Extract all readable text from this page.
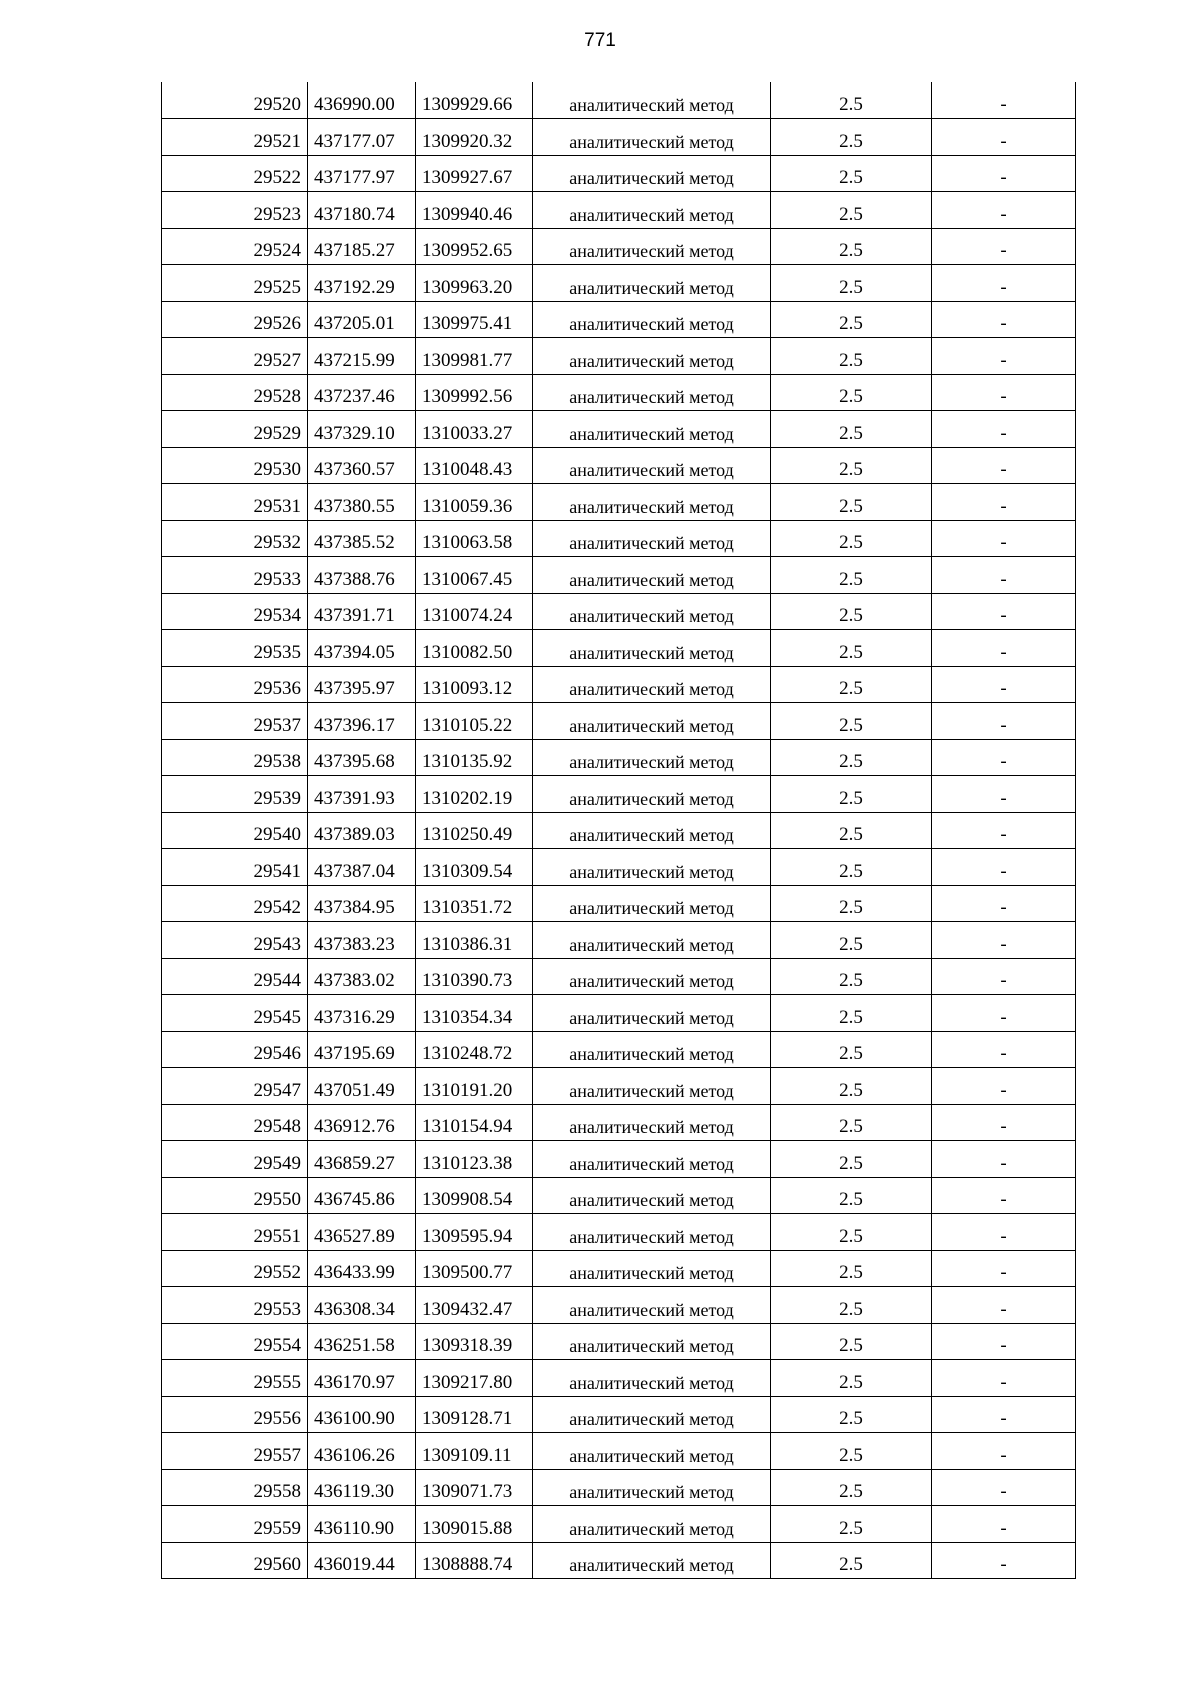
771
29520	436990.00	1309929.66	аналитический метод	2.5	-
29521	437177.07	1309920.32	аналитический метод	2.5	-
29522	437177.97	1309927.67	аналитический метод	2.5	-
29523	437180.74	1309940.46	аналитический метод	2.5	-
29524	437185.27	1309952.65	аналитический метод	2.5	-
29525	437192.29	1309963.20	аналитический метод	2.5	-
29526	437205.01	1309975.41	аналитический метод	2.5	-
29527	437215.99	1309981.77	аналитический метод	2.5	-
29528	437237.46	1309992.56	аналитический метод	2.5	-
29529	437329.10	1310033.27	аналитический метод	2.5	-
29530	437360.57	1310048.43	аналитический метод	2.5	-
29531	437380.55	1310059.36	аналитический метод	2.5	-
29532	437385.52	1310063.58	аналитический метод	2.5	-
29533	437388.76	1310067.45	аналитический метод	2.5	-
29534	437391.71	1310074.24	аналитический метод	2.5	-
29535	437394.05	1310082.50	аналитический метод	2.5	-
29536	437395.97	1310093.12	аналитический метод	2.5	-
29537	437396.17	1310105.22	аналитический метод	2.5	-
29538	437395.68	1310135.92	аналитический метод	2.5	-
29539	437391.93	1310202.19	аналитический метод	2.5	-
29540	437389.03	1310250.49	аналитический метод	2.5	-
29541	437387.04	1310309.54	аналитический метод	2.5	-
29542	437384.95	1310351.72	аналитический метод	2.5	-
29543	437383.23	1310386.31	аналитический метод	2.5	-
29544	437383.02	1310390.73	аналитический метод	2.5	-
29545	437316.29	1310354.34	аналитический метод	2.5	-
29546	437195.69	1310248.72	аналитический метод	2.5	-
29547	437051.49	1310191.20	аналитический метод	2.5	-
29548	436912.76	1310154.94	аналитический метод	2.5	-
29549	436859.27	1310123.38	аналитический метод	2.5	-
29550	436745.86	1309908.54	аналитический метод	2.5	-
29551	436527.89	1309595.94	аналитический метод	2.5	-
29552	436433.99	1309500.77	аналитический метод	2.5	-
29553	436308.34	1309432.47	аналитический метод	2.5	-
29554	436251.58	1309318.39	аналитический метод	2.5	-
29555	436170.97	1309217.80	аналитический метод	2.5	-
29556	436100.90	1309128.71	аналитический метод	2.5	-
29557	436106.26	1309109.11	аналитический метод	2.5	-
29558	436119.30	1309071.73	аналитический метод	2.5	-
29559	436110.90	1309015.88	аналитический метод	2.5	-
29560	436019.44	1308888.74	аналитический метод	2.5	-
